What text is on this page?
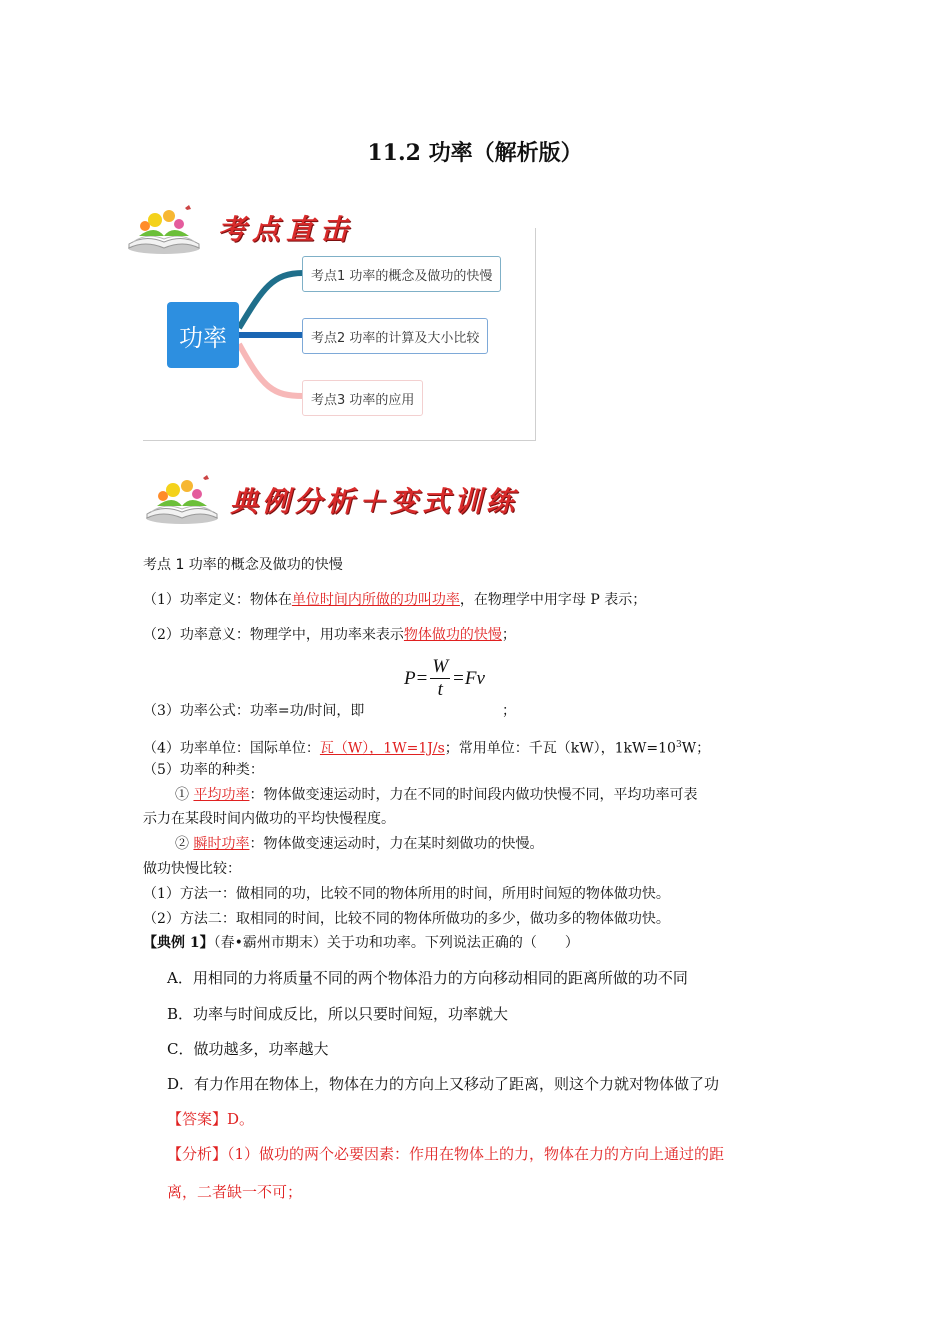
11.2 功率（解析版）
考点直击
功率
考点1 功率的概念及做功的快慢
考点2 功率的计算及大小比较
考点3 功率的应用
典例分析＋变式训练
考点 1 功率的概念及做功的快慢
（1）功率定义：物体在单位时间内所做的功叫功率，在物理学中用字母 P 表示；
（2）功率意义：物理学中，用功率来表示物体做功的快慢；
$P = \frac{W}{t} = Fv$
（3）功率公式：功率=功/时间，即	；
（4）功率单位：国际单位：瓦（W），1W=1J/s；常用单位：千瓦（kW），$1kW=10^3W$；
（5）功率的种类：
① 平均功率：物体做变速运动时，力在不同的时间段内做功快慢不同，平均功率可表
示力在某段时间内做功的平均快慢程度。
② 瞬时功率：物体做变速运动时，力在某时刻做功的快慢。
做功快慢比较：
（1）方法一：做相同的功，比较不同的物体所用的时间，所用时间短的物体做功快。
（2）方法二：取相同的时间，比较不同的物体所做功的多少，做功多的物体做功快。
【典例 1】（春•霸州市期末）关于功和功率。下列说法正确的（　　）
A．用相同的力将质量不同的两个物体沿力的方向移动相同的距离所做的功不同
B．功率与时间成反比，所以只要时间短，功率就大
C．做功越多，功率越大
D．有力作用在物体上，物体在力的方向上又移动了距离，则这个力就对物体做了功
【答案】D。
【分析】（1）做功的两个必要因素：作用在物体上的力，物体在力的方向上通过的距
离，二者缺一不可；
